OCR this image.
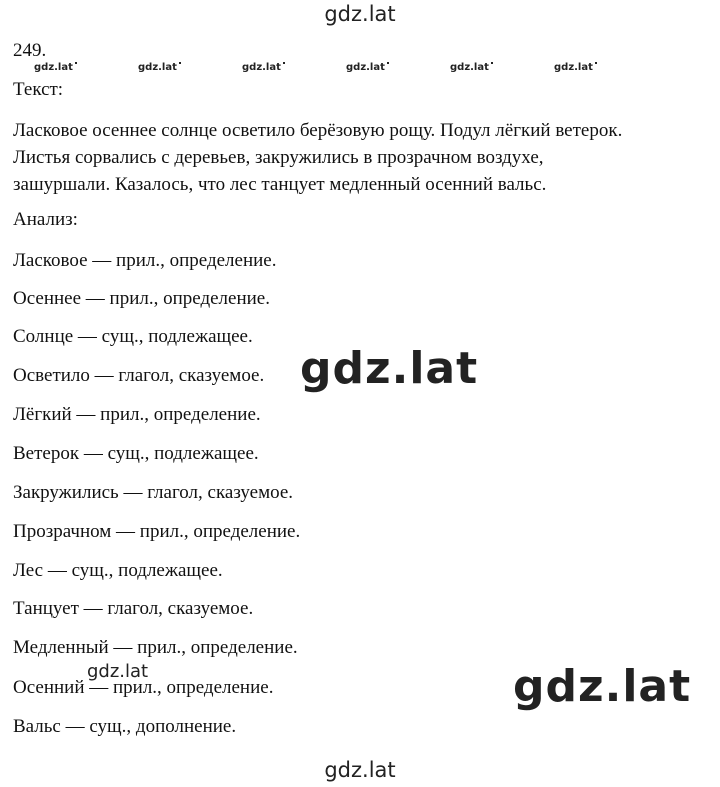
gdz.lat
249.
gdz.lat	gdz.lat	gdz.lat	gdz.lat	gdz.lat	gdz.lat
Текст:
Ласковое осеннее солнце осветило берёзовую рощу. Подул лёгкий ветерок.
Листья сорвались с деревьев, закружились в прозрачном воздухе,
зашуршали. Казалось, что лес танцует медленный осенний вальс.
Анализ:
Ласковое — прил., определение.
Осеннее — прил., определение.
Солнце — сущ., подлежащее.
Осветило — глагол, сказуемое.
Лёгкий — прил., определение.
Ветерок — сущ., подлежащее.
Закружились — глагол, сказуемое.
Прозрачном — прил., определение.
Лес — сущ., подлежащее.
Танцует — глагол, сказуемое.
Медленный — прил., определение.
Осенний — прил., определение.
Вальс — сущ., дополнение.
gdz.lat
gdz.lat	gdz.lat
gdz.lat
